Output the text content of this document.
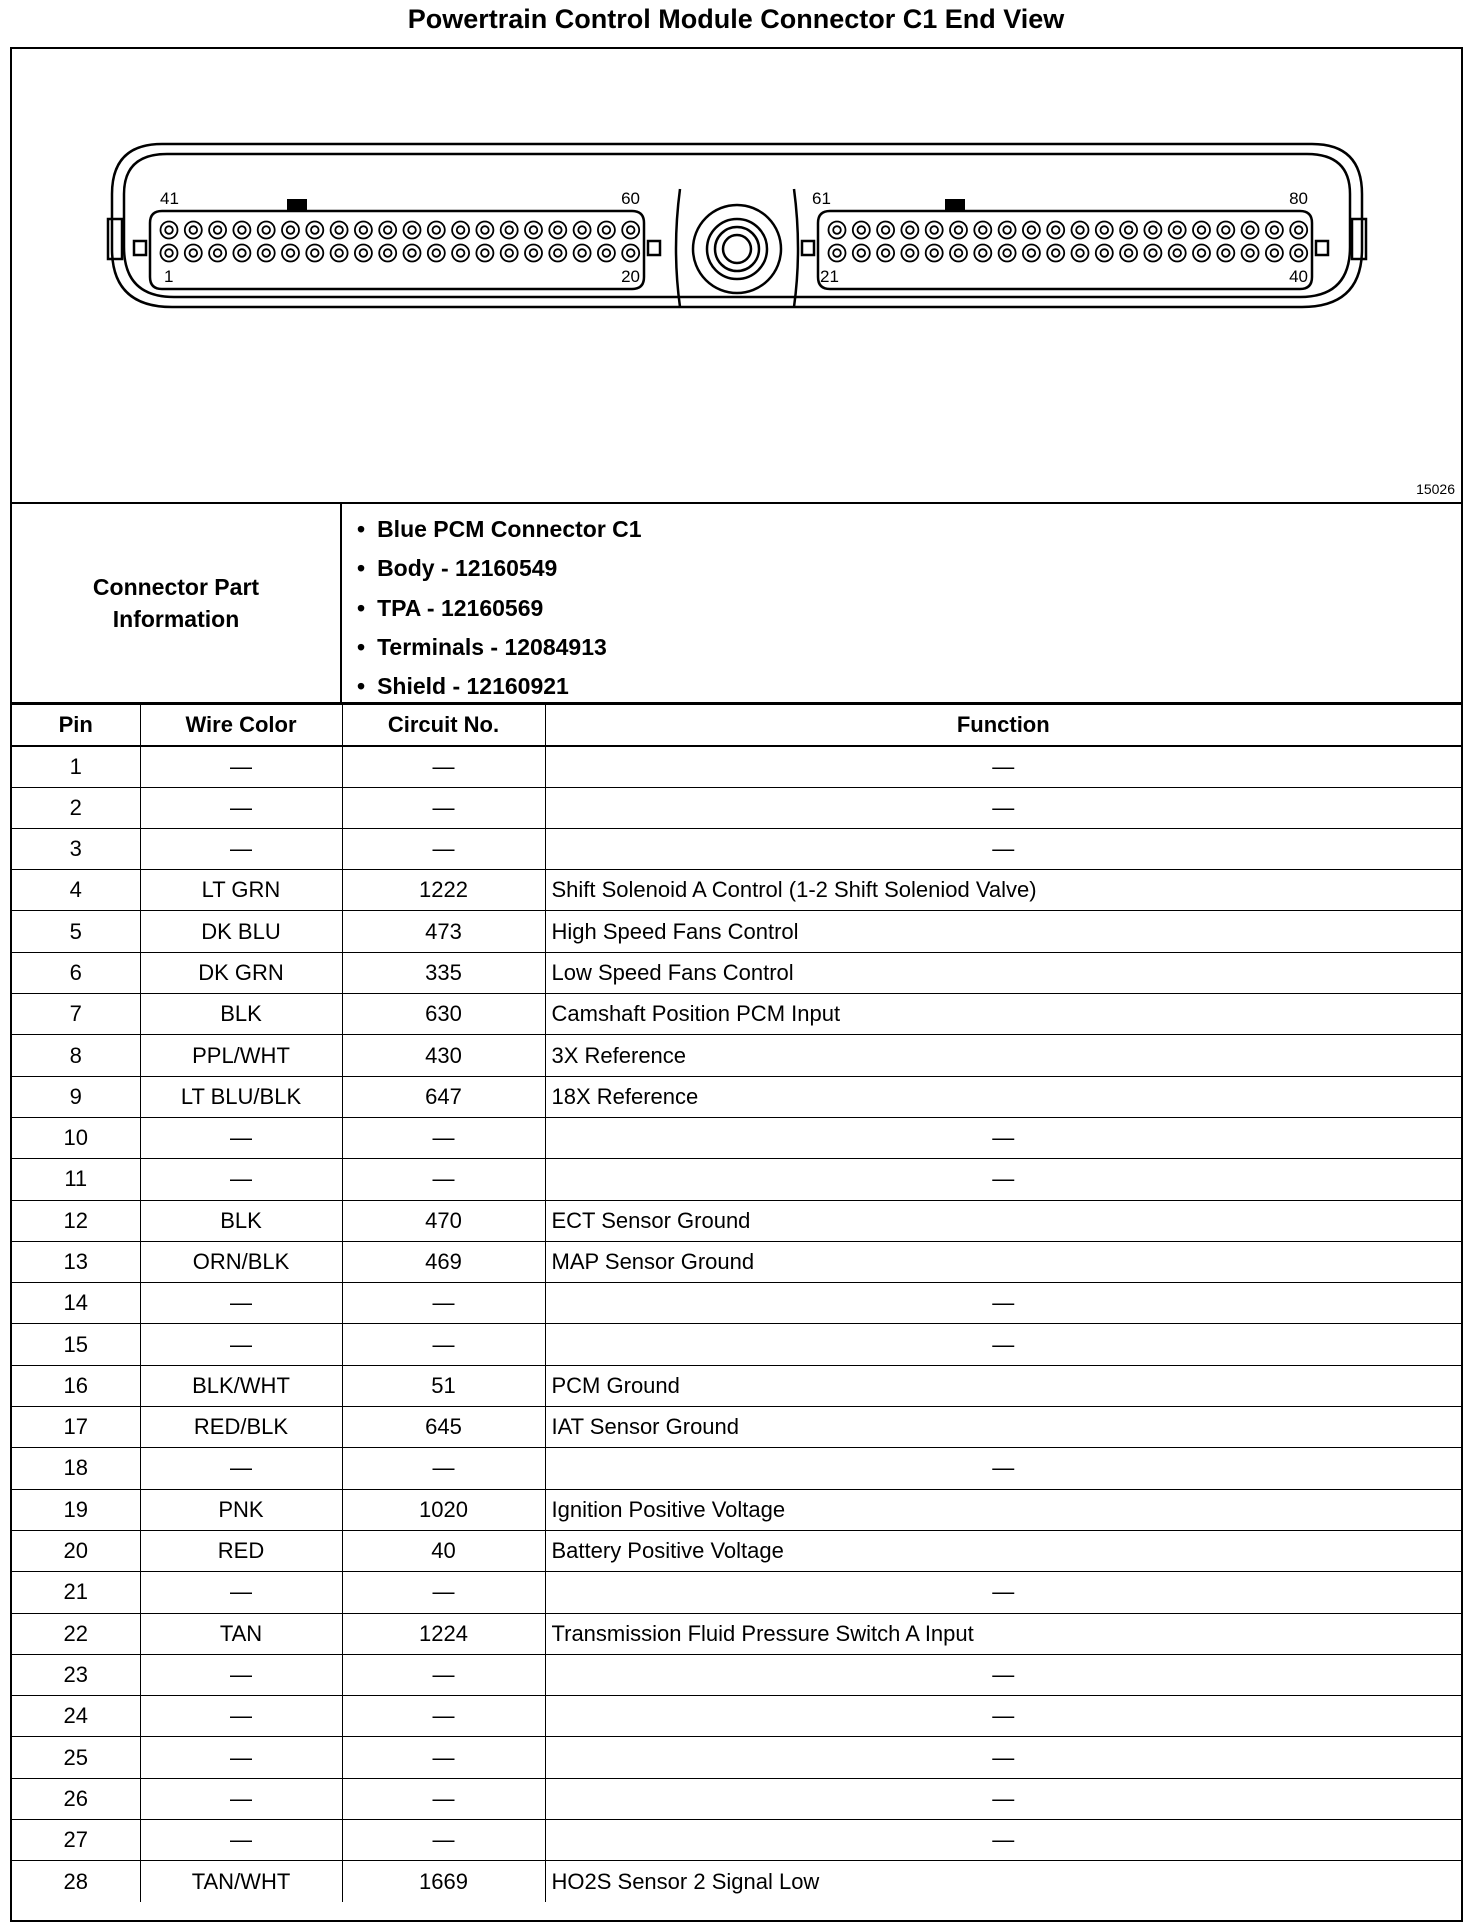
Powertrain Control Module Connector C1 End View
41	60
1	20
61	80
21	40
15026
Connector Part
Information
• Blue PCM Connector C1
• Body - 12160549
• TPA - 12160569
• Terminals - 12084913
• Shield - 12160921
Pin	Wire Color	Circuit No.	Function
1	—	—	—
2	—	—	—
3	—	—	—
4	LT GRN	1222	Shift Solenoid A Control (1-2 Shift Soleniod Valve)
5	DK BLU	473	High Speed Fans Control
6	DK GRN	335	Low Speed Fans Control
7	BLK	630	Camshaft Position PCM Input
8	PPL/WHT	430	3X Reference
9	LT BLU/BLK	647	18X Reference
10	—	—	—
11	—	—	—
12	BLK	470	ECT Sensor Ground
13	ORN/BLK	469	MAP Sensor Ground
14	—	—	—
15	—	—	—
16	BLK/WHT	51	PCM Ground
17	RED/BLK	645	IAT Sensor Ground
18	—	—	—
19	PNK	1020	Ignition Positive Voltage
20	RED	40	Battery Positive Voltage
21	—	—	—
22	TAN	1224	Transmission Fluid Pressure Switch A Input
23	—	—	—
24	—	—	—
25	—	—	—
26	—	—	—
27	—	—	—
28	TAN/WHT	1669	HO2S Sensor 2 Signal Low
